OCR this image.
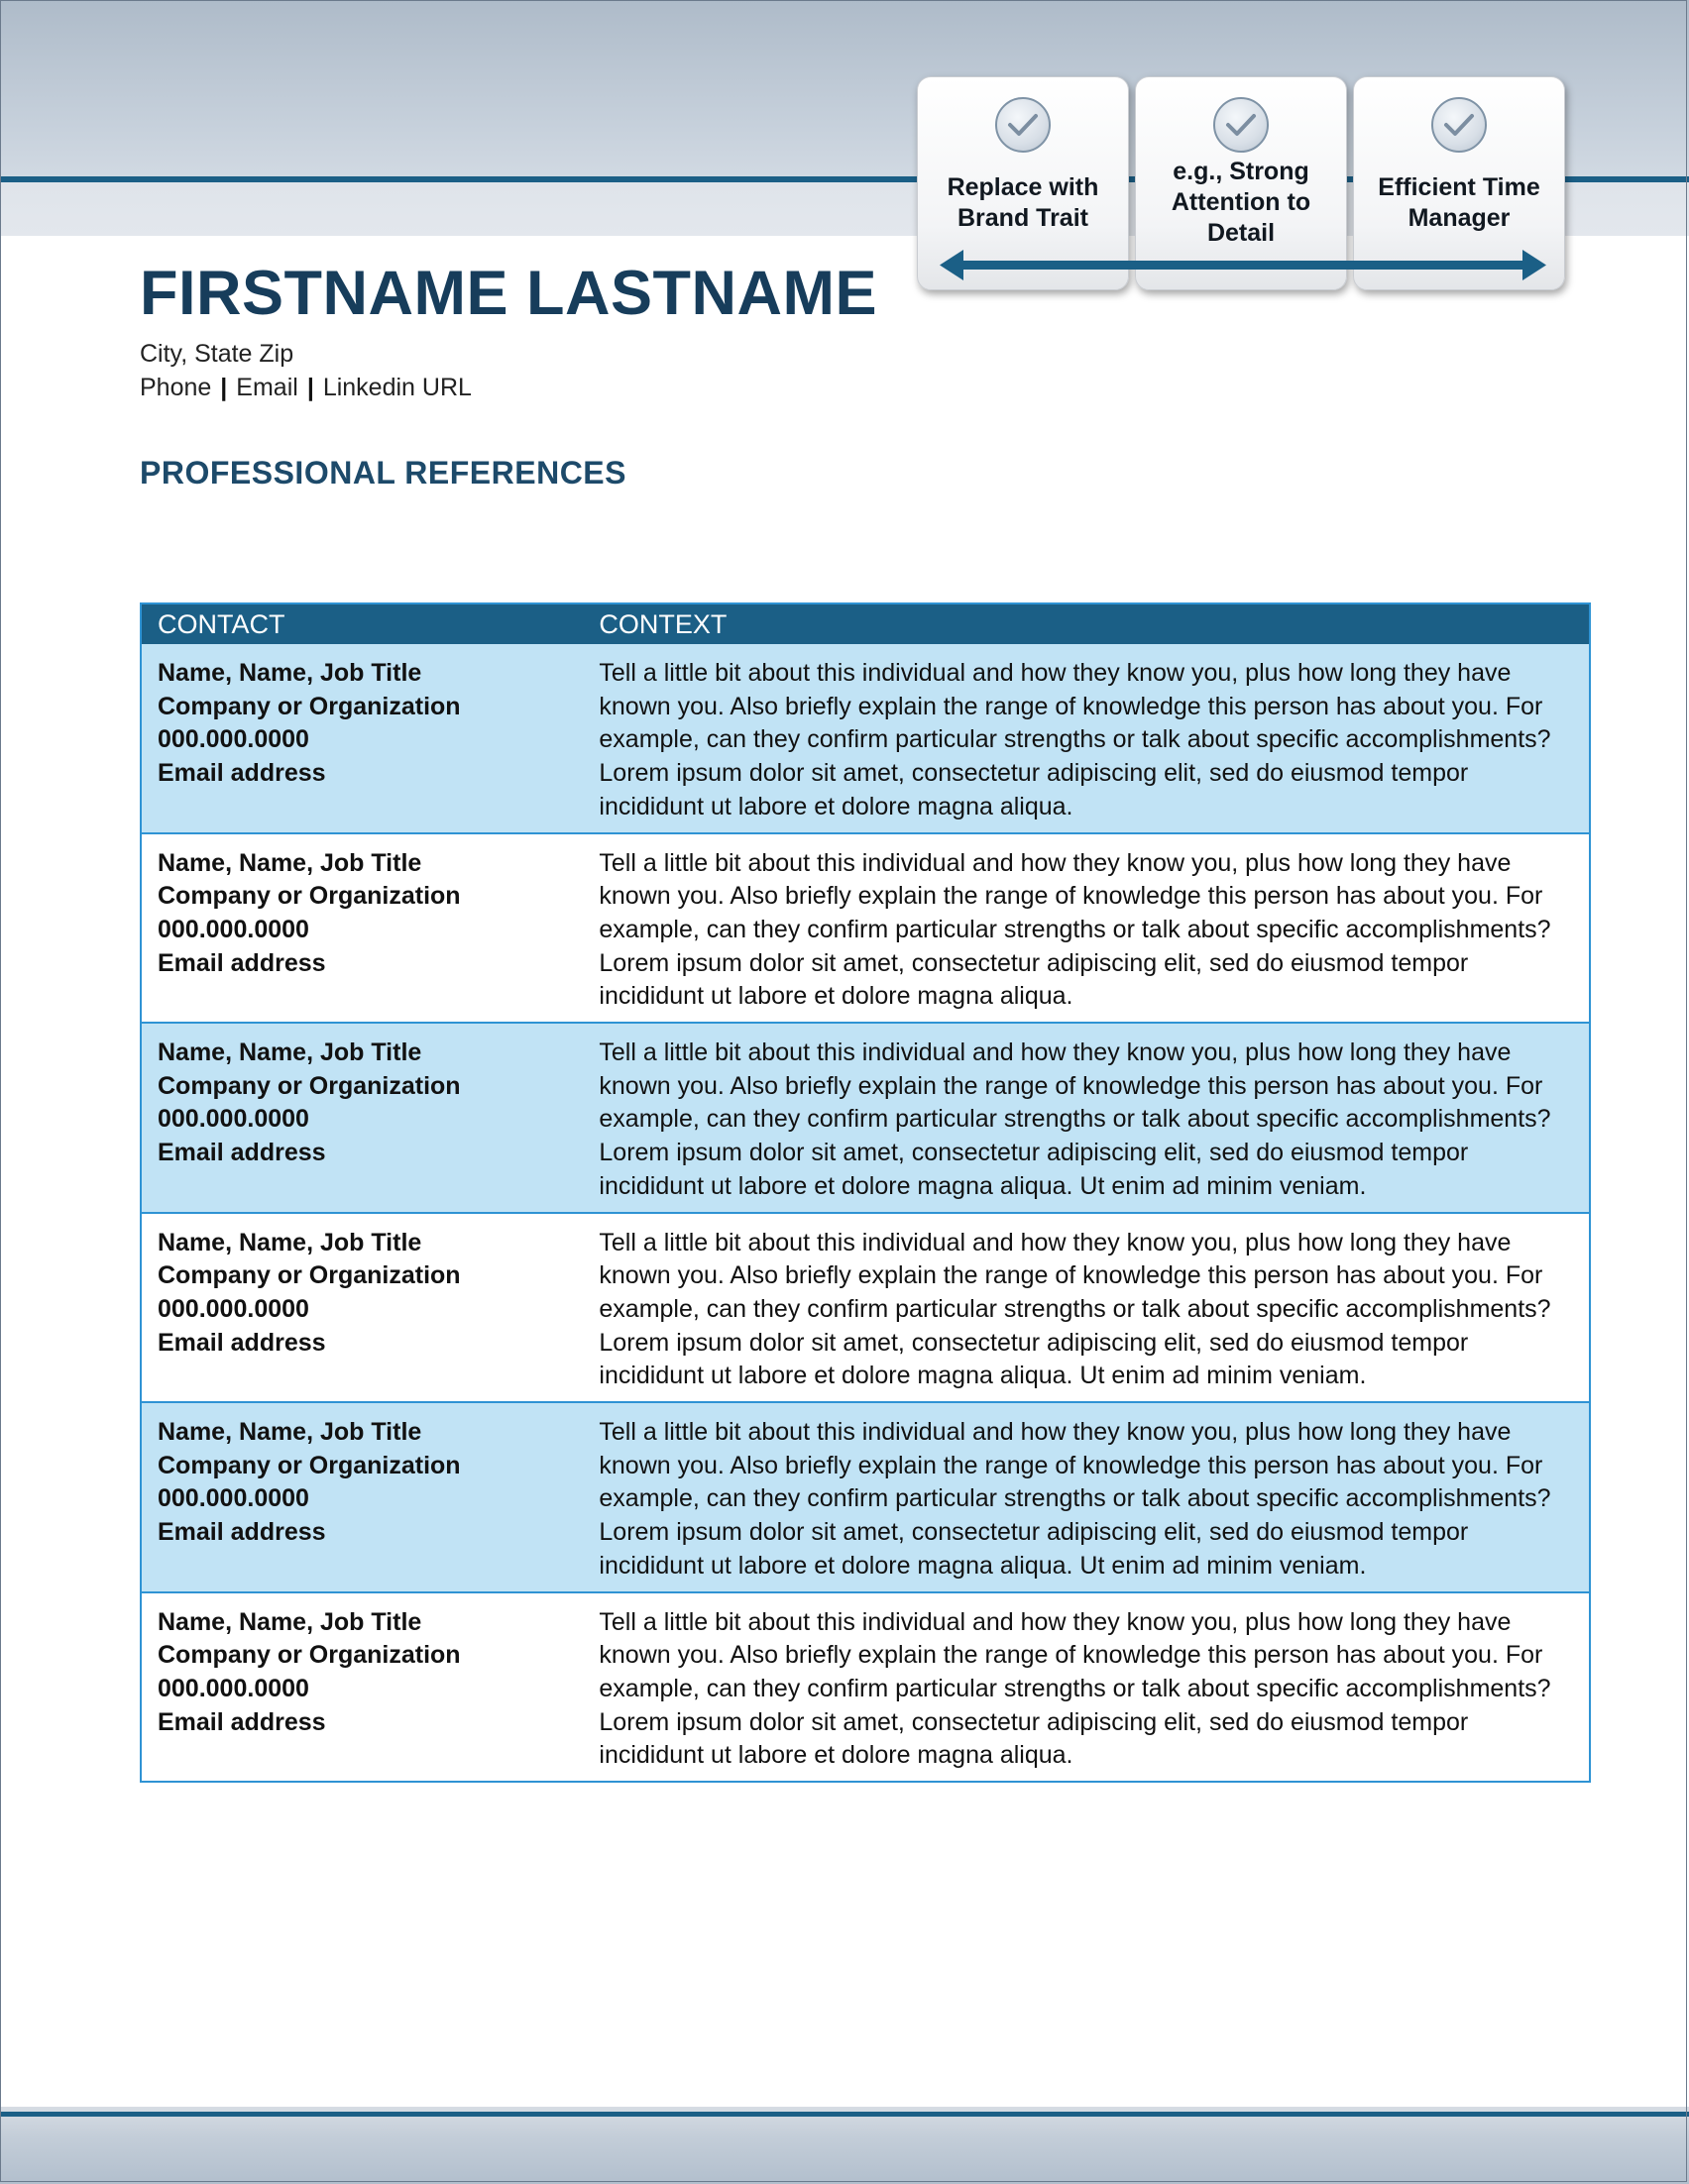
Replace with Brand Trait
e.g., Strong Attention to Detail
Efficient Time Manager
FIRSTNAME LASTNAME
City, State Zip
Phone | Email | Linkedin URL
PROFESSIONAL REFERENCES
CONTACT	CONTEXT
Name, Name, Job Title
Company or Organization
000.000.0000
Email address
Tell a little bit about this individual and how they know you, plus how long they have known you. Also briefly explain the range of knowledge this person has about you. For example, can they confirm particular strengths or talk about specific accomplishments? Lorem ipsum dolor sit amet, consectetur adipiscing elit, sed do eiusmod tempor incididunt ut labore et dolore magna aliqua.
Name, Name, Job Title
Company or Organization
000.000.0000
Email address
Tell a little bit about this individual and how they know you, plus how long they have known you. Also briefly explain the range of knowledge this person has about you. For example, can they confirm particular strengths or talk about specific accomplishments? Lorem ipsum dolor sit amet, consectetur adipiscing elit, sed do eiusmod tempor incididunt ut labore et dolore magna aliqua.
Name, Name, Job Title
Company or Organization
000.000.0000
Email address
Tell a little bit about this individual and how they know you, plus how long they have known you. Also briefly explain the range of knowledge this person has about you. For example, can they confirm particular strengths or talk about specific accomplishments? Lorem ipsum dolor sit amet, consectetur adipiscing elit, sed do eiusmod tempor incididunt ut labore et dolore magna aliqua. Ut enim ad minim veniam.
Name, Name, Job Title
Company or Organization
000.000.0000
Email address
Tell a little bit about this individual and how they know you, plus how long they have known you. Also briefly explain the range of knowledge this person has about you. For example, can they confirm particular strengths or talk about specific accomplishments? Lorem ipsum dolor sit amet, consectetur adipiscing elit, sed do eiusmod tempor incididunt ut labore et dolore magna aliqua. Ut enim ad minim veniam.
Name, Name, Job Title
Company or Organization
000.000.0000
Email address
Tell a little bit about this individual and how they know you, plus how long they have known you. Also briefly explain the range of knowledge this person has about you. For example, can they confirm particular strengths or talk about specific accomplishments? Lorem ipsum dolor sit amet, consectetur adipiscing elit, sed do eiusmod tempor incididunt ut labore et dolore magna aliqua. Ut enim ad minim veniam.
Name, Name, Job Title
Company or Organization
000.000.0000
Email address
Tell a little bit about this individual and how they know you, plus how long they have known you. Also briefly explain the range of knowledge this person has about you. For example, can they confirm particular strengths or talk about specific accomplishments? Lorem ipsum dolor sit amet, consectetur adipiscing elit, sed do eiusmod tempor incididunt ut labore et dolore magna aliqua.
